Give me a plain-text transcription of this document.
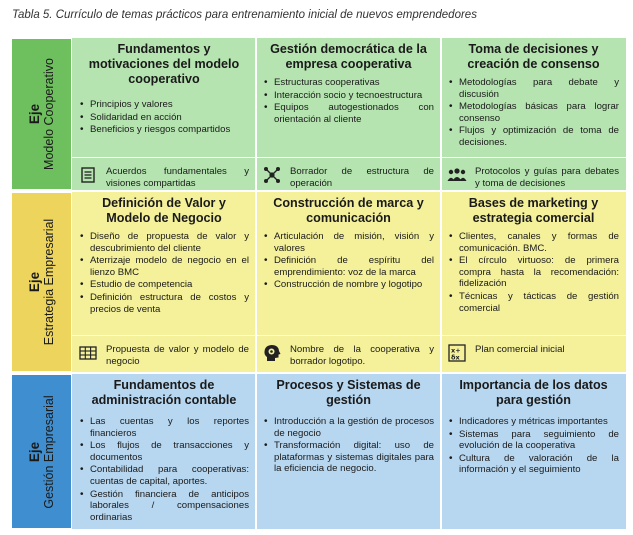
Tabla 5. Currículo de temas prácticos para entrenamiento inicial de nuevos emprendedores
Eje Modelo Cooperativo
Fundamentos y motivaciones del modelo cooperativo
• Principios y valores
• Solidaridad en acción
• Beneficios y riesgos compartidos
Gestión democrática de la empresa cooperativa
• Estructuras cooperativas
• Interacción socio y tecnoestructura
• Equipos autogestionados con orientación al cliente
Toma de decisiones y creación de consenso
• Metodologías para debate y discusión
• Metodologías básicas para lograr consenso
• Flujos y optimización de toma de decisiones.
Acuerdos fundamentales y visiones compartidas
Borrador de estructura de operación
Protocolos y guías para debates y toma de decisiones
Eje Estrategia Empresarial
Definición de Valor y Modelo de Negocio
• Diseño de propuesta de valor y descubrimiento del cliente
• Aterrizaje modelo de negocio en el lienzo BMC
• Estudio de competencia
• Definición estructura de costos y precios de venta
Construcción de marca y comunicación
• Articulación de misión, visión y valores
• Definición de espíritu del emprendimiento: voz de la marca
• Construcción de nombre y logotipo
Bases de marketing y estrategia comercial
• Clientes, canales y formas de comunicación. BMC.
• El círculo virtuoso: de primera compra hasta la recomendación: fidelización
• Técnicas y tácticas de gestión comercial
Propuesta de valor y modelo de negocio
Nombre de la cooperativa y borrador logotipo.
x+
δx
Plan comercial inicial
Eje Gestión Empresarial
Fundamentos de administración contable
• Las cuentas y los reportes financieros
• Los flujos de transacciones y documentos
• Contabilidad para cooperativas: cuentas de capital, aportes.
• Gestión financiera de anticipos laborales / compensaciones ordinarias
Procesos y Sistemas de gestión
• Introducción a la gestión de procesos de negocio
• Transformación digital: uso de plataformas y sistemas digitales para la eficiencia de negocio.
Importancia de los datos para gestión
• Indicadores y métricas importantes
• Sistemas para seguimiento de evolución de la cooperativa
• Cultura de valoración de la información y el seguimiento
